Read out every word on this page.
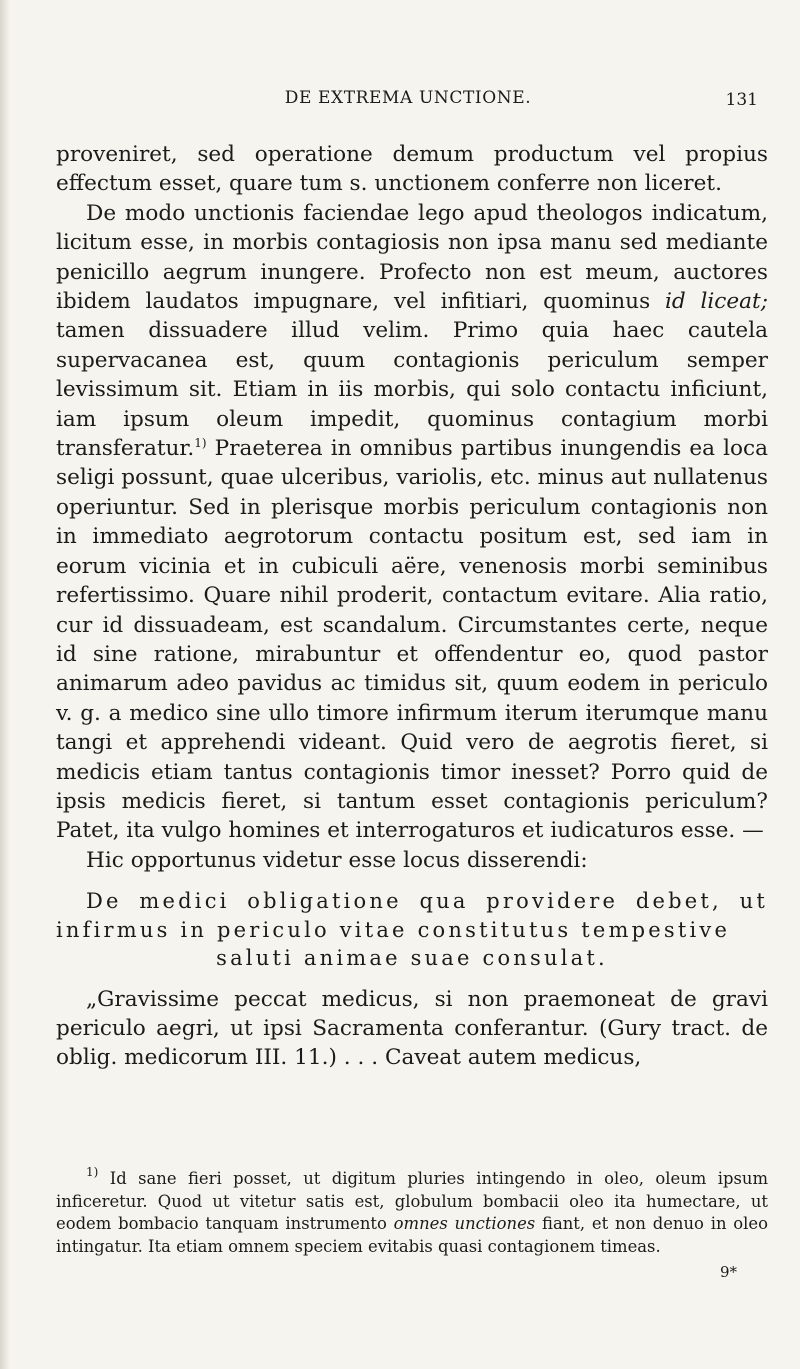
DE EXTREMA UNCTIONE.	131

proveniret, sed operatione demum productum vel propius effectum esset, quare tum s. unctionem conferre non liceret.

De modo unctionis faciendae lego apud theologos indicatum, licitum esse, in morbis contagiosis non ipsa manu sed mediante penicillo aegrum inungere. Profecto non est meum, auctores ibidem laudatos impugnare, vel infitiari, quominus id liceat; tamen dissuadere illud velim. Primo quia haec cautela supervacanea est, quum contagionis periculum semper levissimum sit. Etiam in iis morbis, qui solo contactu inficiunt, iam ipsum oleum impedit, quominus contagium morbi transferatur.$^{1)}$ Praeterea in omnibus partibus inungendis ea loca seligi possunt, quae ulceribus, variolis, etc. minus aut nullatenus operiuntur. Sed in plerisque morbis periculum contagionis non in immediato aegrotorum contactu positum est, sed iam in eorum vicinia et in cubiculi aëre, venenosis morbi seminibus refertissimo. Quare nihil proderit, contactum evitare. Alia ratio, cur id dissuadeam, est scandalum. Circumstantes certe, neque id sine ratione, mirabuntur et offendentur eo, quod pastor animarum adeo pavidus ac timidus sit, quum eodem in periculo v. g. a medico sine ullo timore infirmum iterum iterumque manu tangi et apprehendi videant. Quid vero de aegrotis fieret, si medicis etiam tantus contagionis timor inesset? Porro quid de ipsis medicis fieret, si tantum esset contagionis periculum? Patet, ita vulgo homines et interrogaturos et iudicaturos esse. —

Hic opportunus videtur esse locus disserendi:

De medici obligatione qua providere debet, ut infirmus in periculo vitae constitutus tempestive
saluti animae suae consulat.

„Gravissime peccat medicus, si non praemoneat de gravi periculo aegri, ut ipsi Sacramenta conferantur. (Gury tract. de oblig. medicorum III. 11.) . . . Caveat autem medicus,

$^{1)}$ Id sane fieri posset, ut digitum pluries intingendo in oleo, oleum ipsum inficeretur. Quod ut vitetur satis est, globulum bombacii oleo ita humectare, ut eodem bombacio tanquam instrumento omnes unctiones fiant, et non denuo in oleo intingatur. Ita etiam omnem speciem evitabis quasi contagionem timeas.

9*
